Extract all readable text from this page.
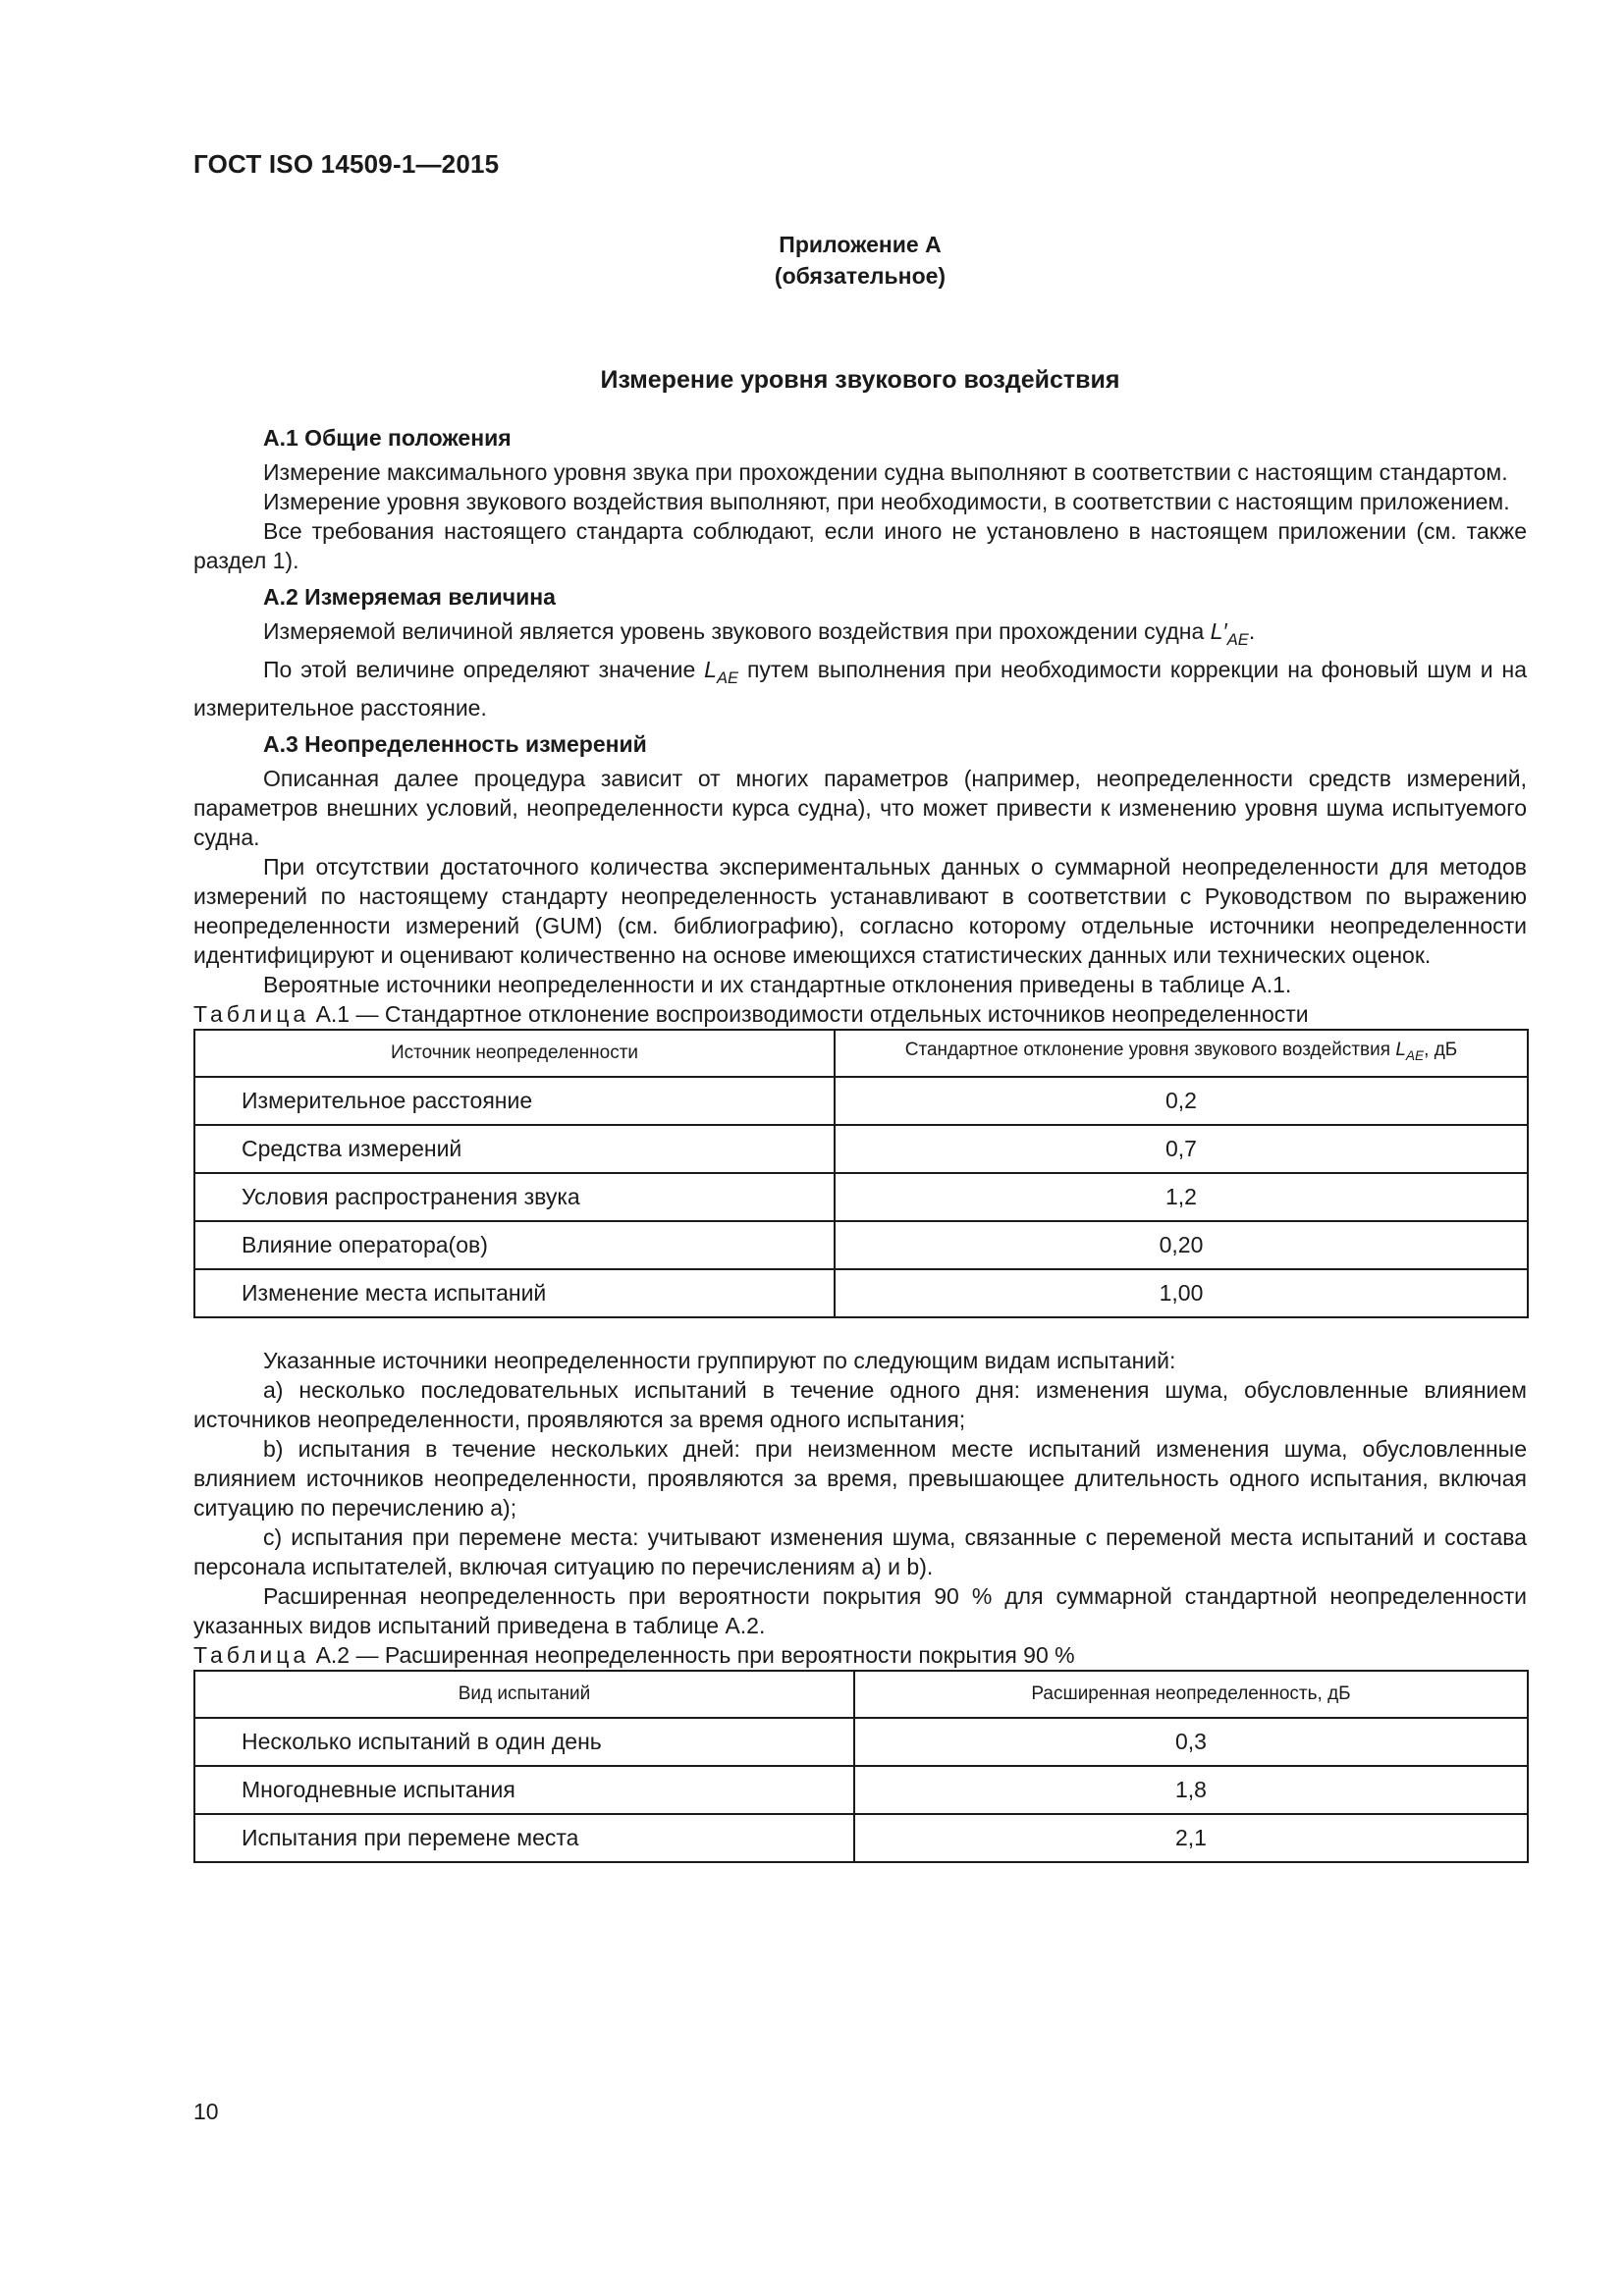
ГОСТ ISO 14509-1—2015
Приложение А
(обязательное)
Измерение уровня звукового воздействия

А.1 Общие положения

Измерение максимального уровня звука при прохождении судна выполняют в соответствии с настоящим стандартом.

Измерение уровня звукового воздействия выполняют, при необходимости, в соответствии с настоящим приложением.

Все требования настоящего стандарта соблюдают, если иного не установлено в настоящем приложении (см. также раздел 1).

А.2 Измеряемая величина

Измеряемой величиной является уровень звукового воздействия при прохождении судна $L'_{AE}$.

По этой величине определяют значение $L_{AE}$ путем выполнения при необходимости коррекции на фоновый шум и на измерительное расстояние.

А.3 Неопределенность измерений

Описанная далее процедура зависит от многих параметров (например, неопределенности средств измерений, параметров внешних условий, неопределенности курса судна), что может привести к изменению уровня шума испытуемого судна.

При отсутствии достаточного количества экспериментальных данных о суммарной неопределенности для методов измерений по настоящему стандарту неопределенность устанавливают в соответствии с Руководством по выражению неопределенности измерений (GUM) (см. библиографию), согласно которому отдельные источники неопределенности идентифицируют и оценивают количественно на основе имеющихся статистических данных или технических оценок.

Вероятные источники неопределенности и их стандартные отклонения приведены в таблице А.1.

Таблица А.1 — Стандартное отклонение воспроизводимости отдельных источников неопределенности

Источник неопределенности	Стандартное отклонение уровня звукового воздействия $L_{AE}$, дБ
Измерительное расстояние	0,2
Средства измерений	0,7
Условия распространения звука	1,2
Влияние оператора(ов)	0,20
Изменение места испытаний	1,00

Указанные источники неопределенности группируют по следующим видам испытаний:

а) несколько последовательных испытаний в течение одного дня: изменения шума, обусловленные влиянием источников неопределенности, проявляются за время одного испытания;

b) испытания в течение нескольких дней: при неизменном месте испытаний изменения шума, обусловленные влиянием источников неопределенности, проявляются за время, превышающее длительность одного испытания, включая ситуацию по перечислению а);

c) испытания при перемене места: учитывают изменения шума, связанные с переменой места испытаний и состава персонала испытателей, включая ситуацию по перечислениям а) и b).

Расширенная неопределенность при вероятности покрытия 90 % для суммарной стандартной неопределенности указанных видов испытаний приведена в таблице А.2.

Таблица А.2 — Расширенная неопределенность при вероятности покрытия 90 %

Вид испытаний	Расширенная неопределенность, дБ
Несколько испытаний в один день	0,3
Многодневные испытания	1,8
Испытания при перемене места	2,1
10
